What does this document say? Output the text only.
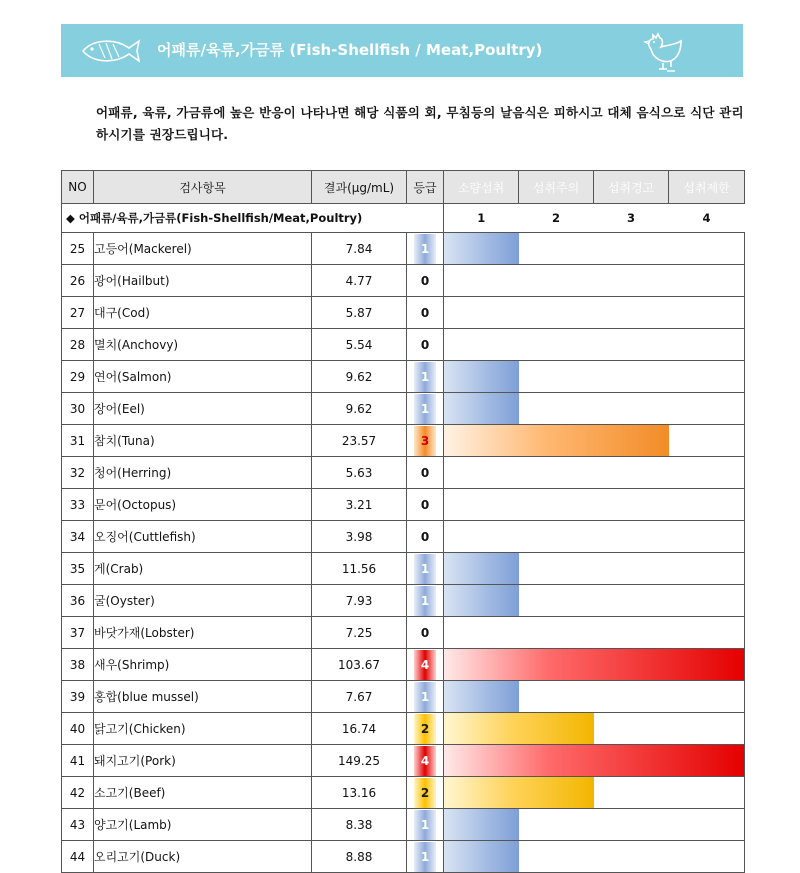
어패류/육류,가금류 (Fish-Shellfish / Meat,Poultry)
어패류, 육류, 가금류에 높은 반응이 나타나면 해당 식품의 회, 무침등의 날음식은 피하시고 대체 음식으로 식단 관리 하시기를 권장드립니다.
NO	검사항목	결과(μg/mL)	등급	소량섭취	섭취주의	섭취경고	섭취제한
◆ 어패류/육류,가금류(Fish-Shellfish/Meat,Poultry)				1	2	3	4
25	고등어(Mackerel)	7.84	1				

26	광어(Hailbut)	4.77	0				
27	대구(Cod)	5.87	0				
28	멸치(Anchovy)	5.54	0				
29	연어(Salmon)	9.62	1				

30	장어(Eel)	9.62	1				

31	참치(Tuna)	23.57	3				

32	청어(Herring)	5.63	0				
33	문어(Octopus)	3.21	0				
34	오징어(Cuttlefish)	3.98	0				
35	게(Crab)	11.56	1				

36	굴(Oyster)	7.93	1				

37	바닷가재(Lobster)	7.25	0				
38	새우(Shrimp)	103.67	4				

39	홍합(blue mussel)	7.67	1				

40	닭고기(Chicken)	16.74	2				

41	돼지고기(Pork)	149.25	4				

42	소고기(Beef)	13.16	2				

43	양고기(Lamb)	8.38	1				

44	오리고기(Duck)	8.88	1				
